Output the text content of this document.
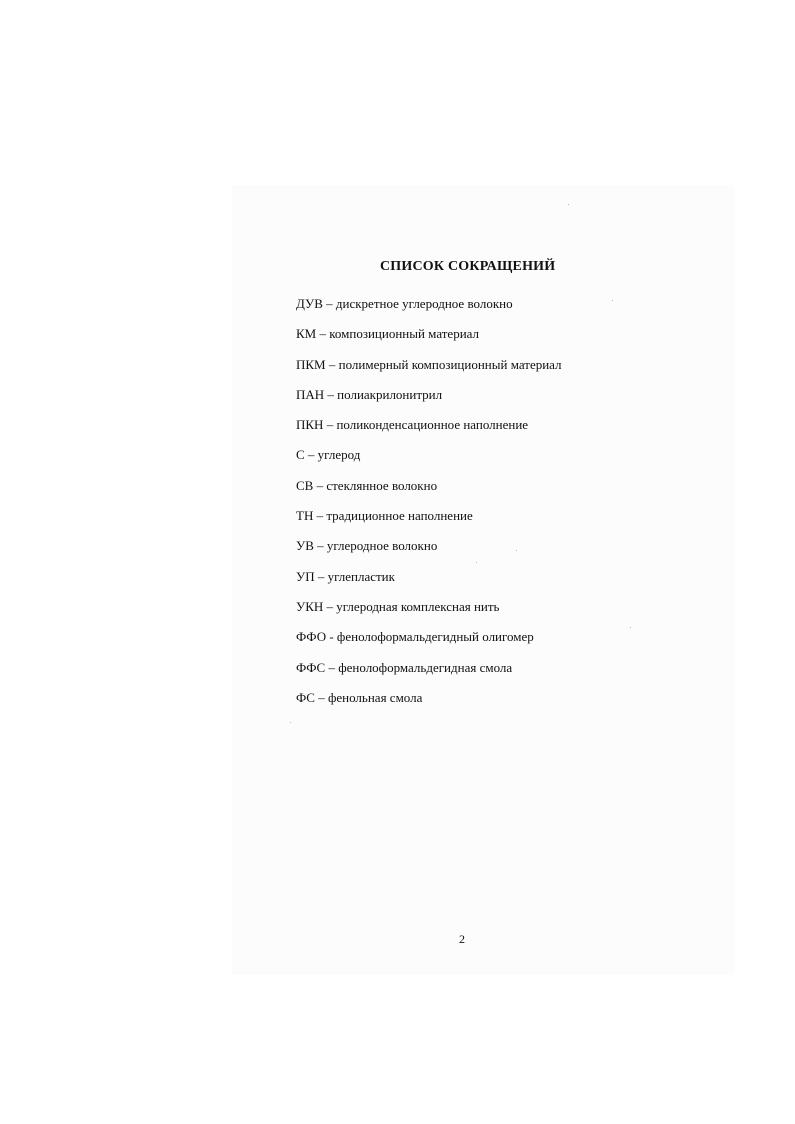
СПИСОК СОКРАЩЕНИЙ
ДУВ – дискретное углеродное волокно
КМ – композиционный материал
ПКМ – полимерный композиционный материал
ПАН – полиакрилонитрил
ПКН – поликонденсационное наполнение
С – углерод
СВ – стеклянное волокно
ТН – традиционное наполнение
УВ – углеродное волокно
УП – углепластик
УКН – углеродная комплексная нить
ФФО - фенолоформальдегидный олигомер
ФФС – фенолоформальдегидная смола
ФС – фенольная смола
2
